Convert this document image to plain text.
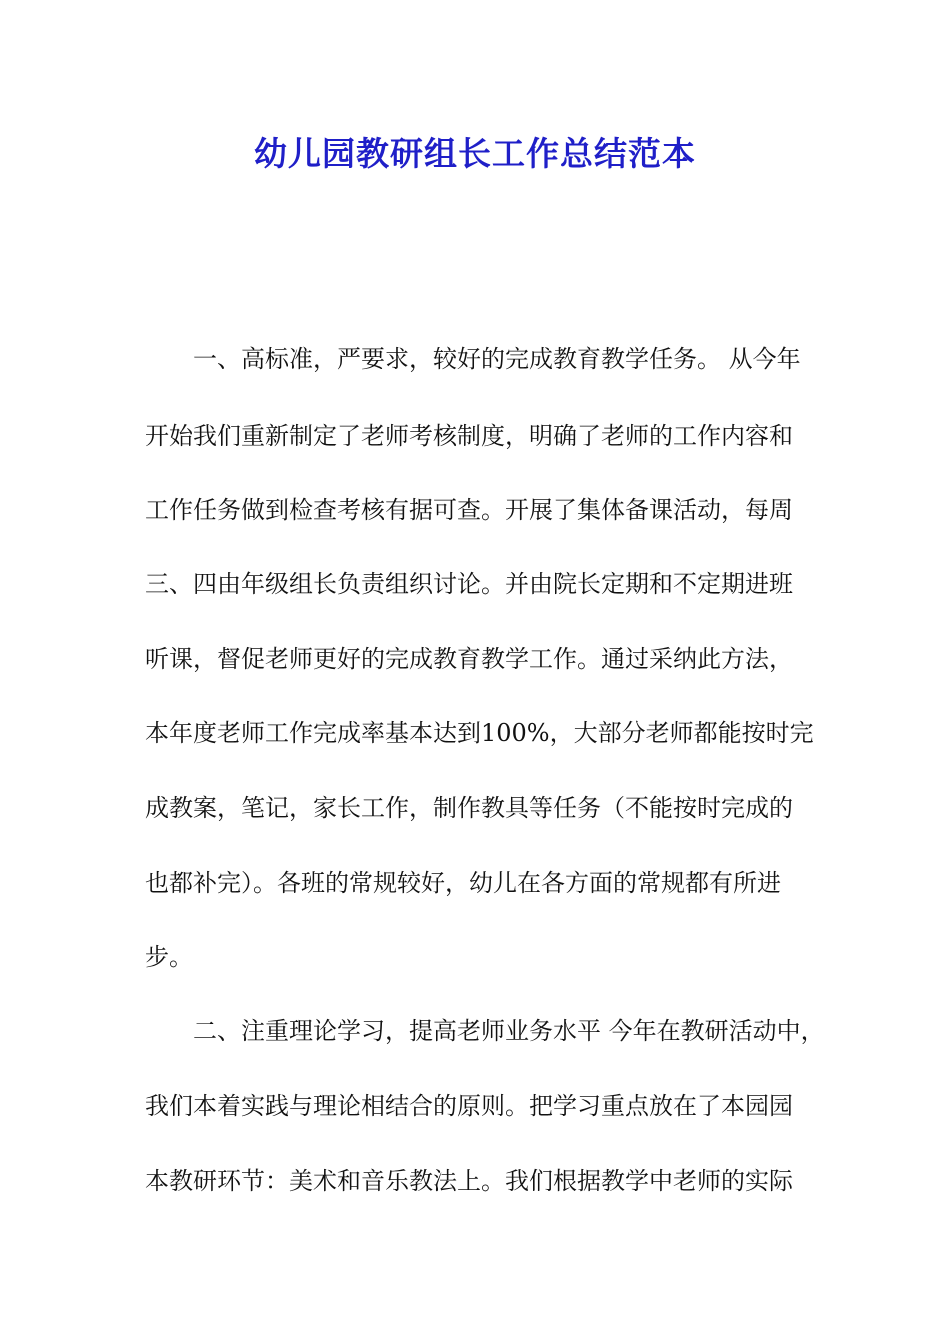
幼儿园教研组长工作总结范本

一、高标准，严要求，较好的完成教育教学任务。 从今年

开始我们重新制定了老师考核制度，明确了老师的工作内容和

工作任务做到检查考核有据可查。开展了集体备课活动，每周

三、四由年级组长负责组织讨论。并由院长定期和不定期进班

听课，督促老师更好的完成教育教学工作。通过采纳此方法，

本年度老师工作完成率基本达到100%，大部分老师都能按时完

成教案，笔记，家长工作，制作教具等任务（不能按时完成的

也都补完）。各班的常规较好，幼儿在各方面的常规都有所进

步。

二、注重理论学习，提高老师业务水平 今年在教研活动中，

我们本着实践与理论相结合的原则。把学习重点放在了本园园

本教研环节：美术和音乐教法上。我们根据教学中老师的实际
